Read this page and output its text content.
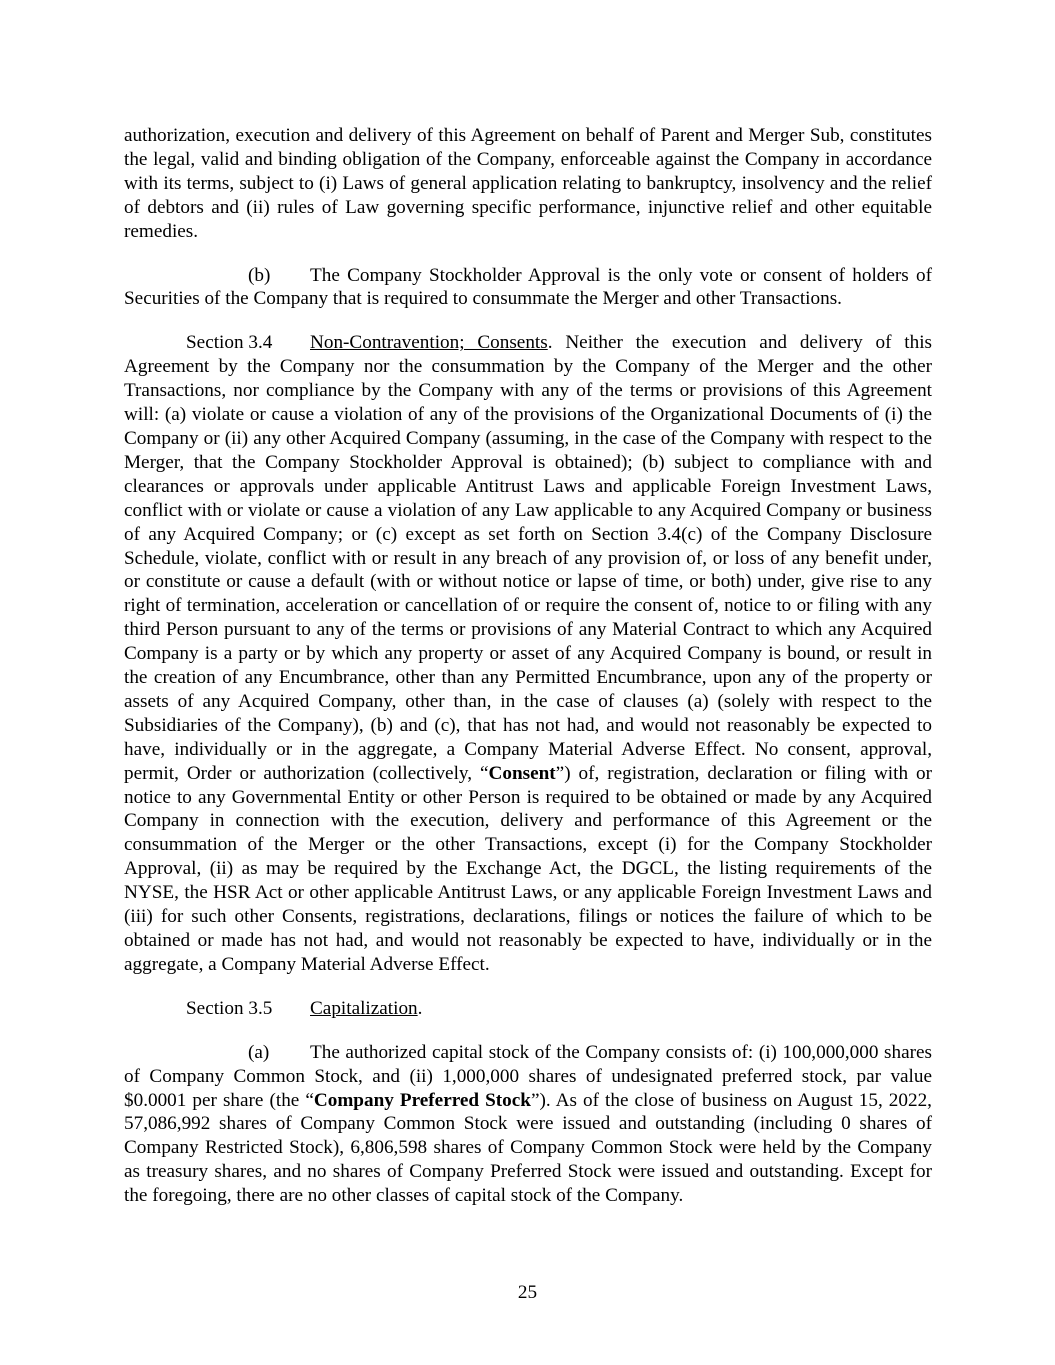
authorization, execution and delivery of this Agreement on behalf of Parent and Merger Sub, constitutes the legal, valid and binding obligation of the Company, enforceable against the Company in accordance with its terms, subject to (i) Laws of general application relating to bankruptcy, insolvency and the relief of debtors and (ii) rules of Law governing specific performance, injunctive relief and other equitable remedies.

(b) The Company Stockholder Approval is the only vote or consent of holders of Securities of the Company that is required to consummate the Merger and other Transactions.

Section 3.4 Non-Contravention; Consents. Neither the execution and delivery of this Agreement by the Company nor the consummation by the Company of the Merger and the other Transactions, nor compliance by the Company with any of the terms or provisions of this Agreement will: (a) violate or cause a violation of any of the provisions of the Organizational Documents of (i) the Company or (ii) any other Acquired Company (assuming, in the case of the Company with respect to the Merger, that the Company Stockholder Approval is obtained); (b) subject to compliance with and clearances or approvals under applicable Antitrust Laws and applicable Foreign Investment Laws, conflict with or violate or cause a violation of any Law applicable to any Acquired Company or business of any Acquired Company; or (c) except as set forth on Section 3.4(c) of the Company Disclosure Schedule, violate, conflict with or result in any breach of any provision of, or loss of any benefit under, or constitute or cause a default (with or without notice or lapse of time, or both) under, give rise to any right of termination, acceleration or cancellation of or require the consent of, notice to or filing with any third Person pursuant to any of the terms or provisions of any Material Contract to which any Acquired Company is a party or by which any property or asset of any Acquired Company is bound, or result in the creation of any Encumbrance, other than any Permitted Encumbrance, upon any of the property or assets of any Acquired Company, other than, in the case of clauses (a) (solely with respect to the Subsidiaries of the Company), (b) and (c), that has not had, and would not reasonably be expected to have, individually or in the aggregate, a Company Material Adverse Effect. No consent, approval, permit, Order or authorization (collectively, “Consent”) of, registration, declaration or filing with or notice to any Governmental Entity or other Person is required to be obtained or made by any Acquired Company in connection with the execution, delivery and performance of this Agreement or the consummation of the Merger or the other Transactions, except (i) for the Company Stockholder Approval, (ii) as may be required by the Exchange Act, the DGCL, the listing requirements of the NYSE, the HSR Act or other applicable Antitrust Laws, or any applicable Foreign Investment Laws and (iii) for such other Consents, registrations, declarations, filings or notices the failure of which to be obtained or made has not had, and would not reasonably be expected to have, individually or in the aggregate, a Company Material Adverse Effect.

Section 3.5 Capitalization.

(a) The authorized capital stock of the Company consists of: (i) 100,000,000 shares of Company Common Stock, and (ii) 1,000,000 shares of undesignated preferred stock, par value $0.0001 per share (the “Company Preferred Stock”). As of the close of business on August 15, 2022, 57,086,992 shares of Company Common Stock were issued and outstanding (including 0 shares of Company Restricted Stock), 6,806,598 shares of Company Common Stock were held by the Company as treasury shares, and no shares of Company Preferred Stock were issued and outstanding. Except for the foregoing, there are no other classes of capital stock of the Company.

25
